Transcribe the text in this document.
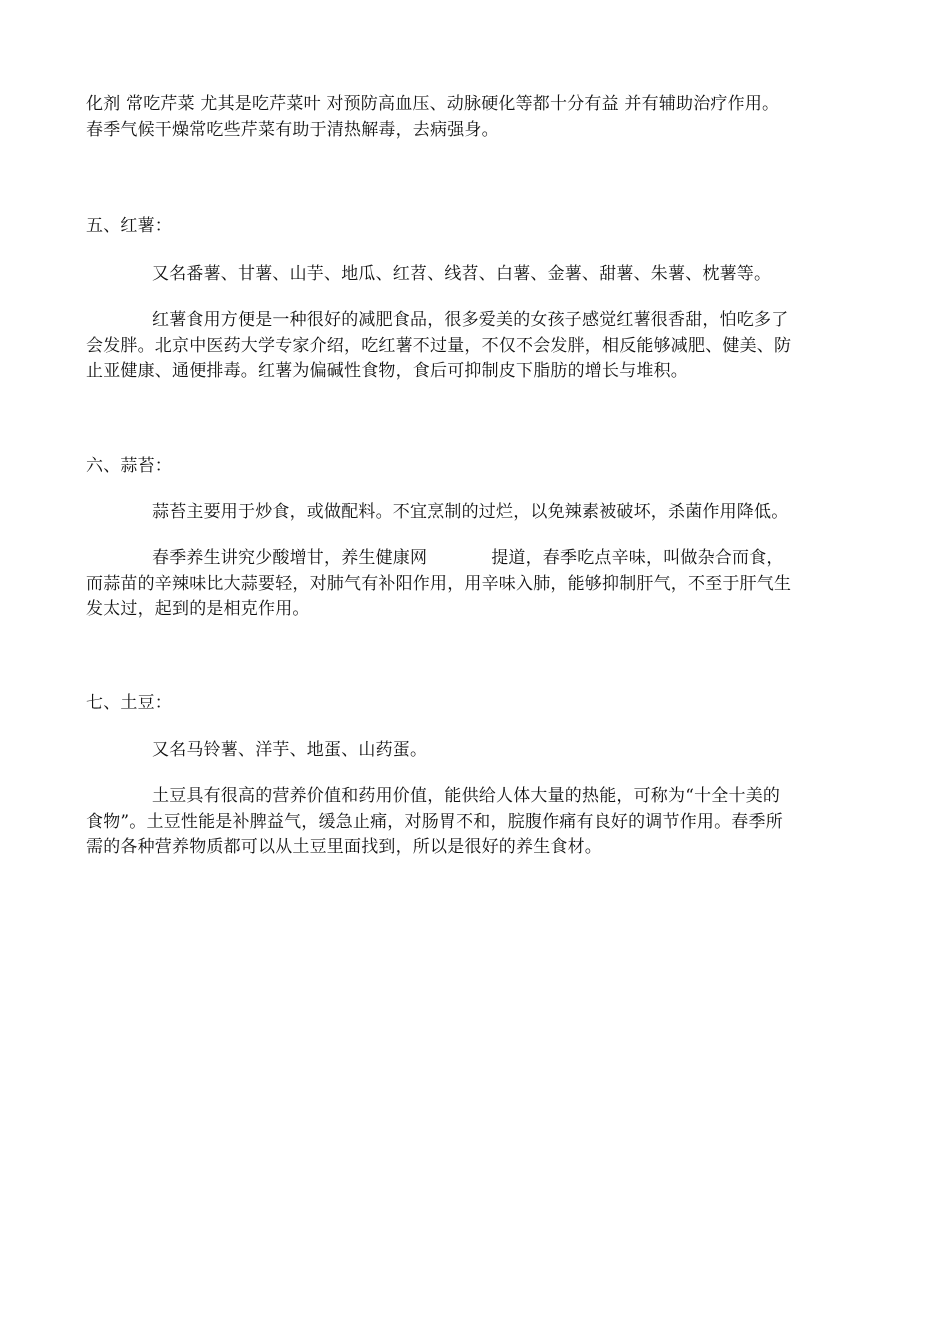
化剂 常吃芹菜 尤其是吃芹菜叶 对预防高血压、动脉硬化等都十分有益 并有辅助治疗作用。
春季气候干燥常吃些芹菜有助于清热解毒，去病强身。
五、红薯：
又名番薯、甘薯、山芋、地瓜、红苕、线苕、白薯、金薯、甜薯、朱薯、枕薯等。
红薯食用方便是一种很好的减肥食品，很多爱美的女孩子感觉红薯很香甜，怕吃多了
会发胖。北京中医药大学专家介绍，吃红薯不过量，不仅不会发胖，相反能够减肥、健美、防
止亚健康、通便排毒。红薯为偏碱性食物，食后可抑制皮下脂肪的增长与堆积。
六、蒜苔：
蒜苔主要用于炒食，或做配料。不宜烹制的过烂，以免辣素被破坏，杀菌作用降低。
春季养生讲究少酸增甘，养生健康网	提道，春季吃点辛味，叫做杂合而食，
而蒜苗的辛辣味比大蒜要轻，对肺气有补阳作用，用辛味入肺，能够抑制肝气，不至于肝气生
发太过，起到的是相克作用。
七、土豆：
又名马铃薯、洋芋、地蛋、山药蛋。
土豆具有很高的营养价值和药用价值，能供给人体大量的热能，可称为“十全十美的
食物”。土豆性能是补脾益气，缓急止痛，对肠胃不和，脘腹作痛有良好的调节作用。春季所
需的各种营养物质都可以从土豆里面找到，所以是很好的养生食材。
